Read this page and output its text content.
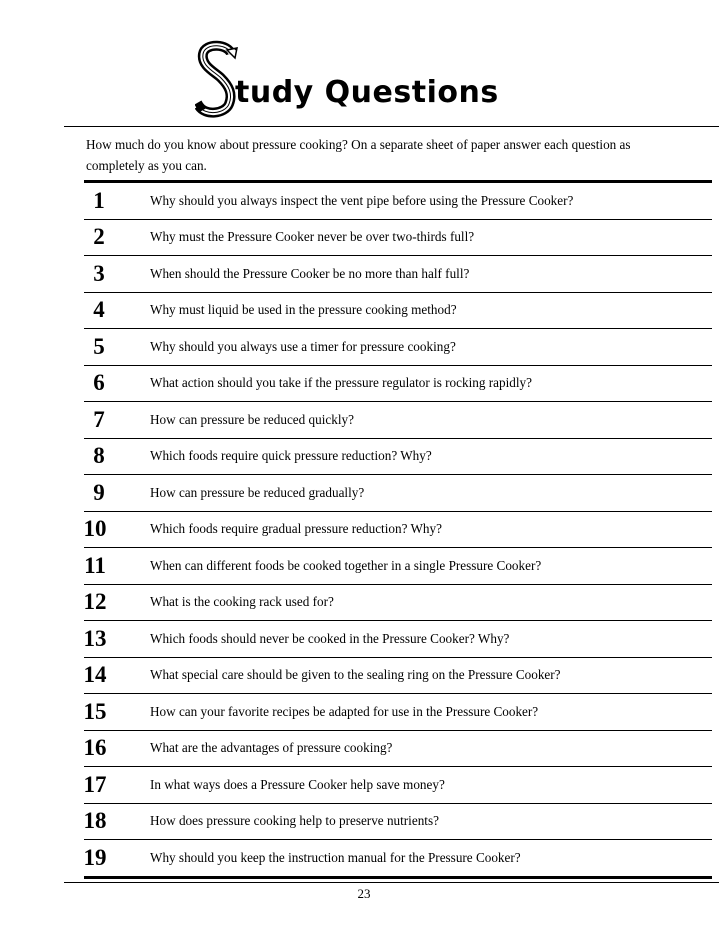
S
tudy Questions
How much do you know about pressure cooking? On a separate sheet of paper answer each question as completely as you can.
1	Why should you always inspect the vent pipe before using the Pressure Cooker?
2	Why must the Pressure Cooker never be over two-thirds full?
3	When should the Pressure Cooker be no more than half full?
4	Why must liquid be used in the pressure cooking method?
5	Why should you always use a timer for pressure cooking?
6	What action should you take if the pressure regulator is rocking rapidly?
7	How can pressure be reduced quickly?
8	Which foods require quick pressure reduction? Why?
9	How can pressure be reduced gradually?
10	Which foods require gradual pressure reduction? Why?
11	When can different foods be cooked together in a single Pressure Cooker?
12	What is the cooking rack used for?
13	Which foods should never be cooked in the Pressure Cooker? Why?
14	What special care should be given to the sealing ring on the Pressure Cooker?
15	How can your favorite recipes be adapted for use in the Pressure Cooker?
16	What are the advantages of pressure cooking?
17	In what ways does a Pressure Cooker help save money?
18	How does pressure cooking help to preserve nutrients?
19	Why should you keep the instruction manual for the Pressure Cooker?
23
